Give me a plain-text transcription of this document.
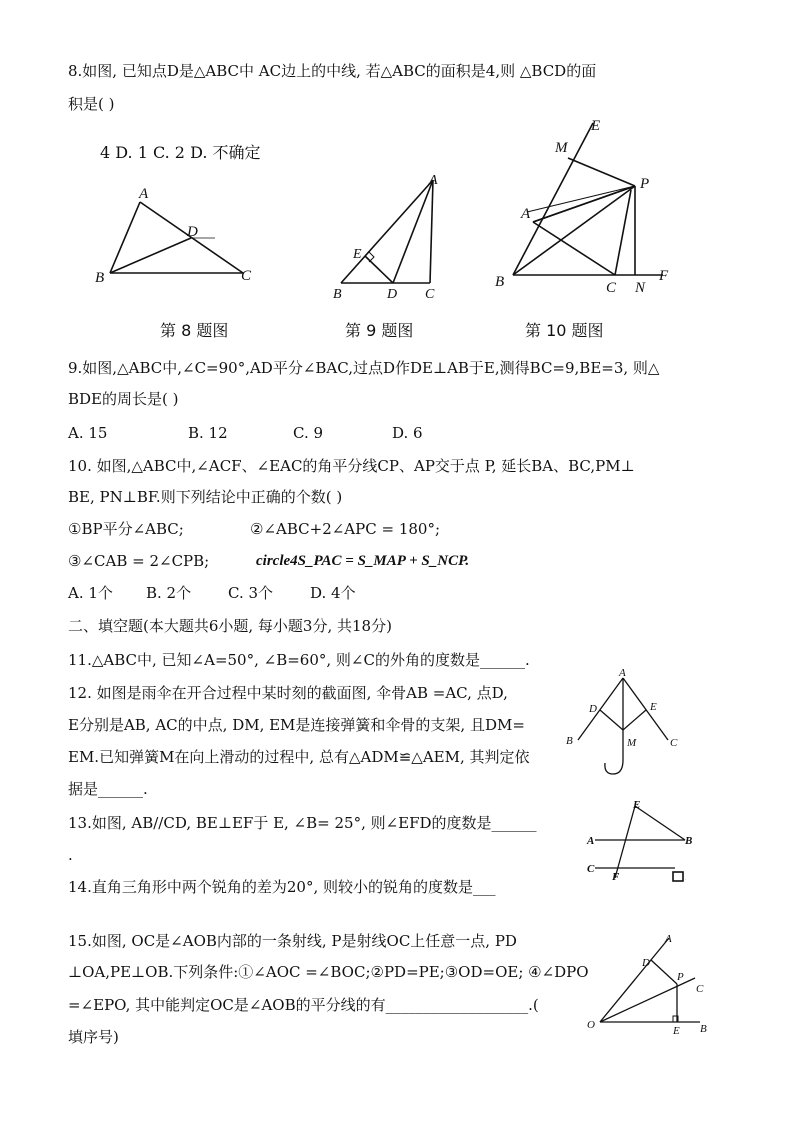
8.如图, 已知点D是△ABC中 AC边上的中线, 若△ABC的面积是4,则 △BCD的面
积是( )
4 D. 1 C. 2 D. 不确定
A
B	C
D
A
B	C
D
E
M
E
P
A
B	C N
F
第 8 题图	第 9 题图	第 10 题图
9.如图,△ABC中,∠C=90°,AD平分∠BAC,过点D作DE⊥AB于E,测得BC=9,BE=3, 则△
BDE的周长是( )
A. 15	B. 12	C. 9	D. 6
10. 如图,△ABC中,∠ACF、∠EAC的角平分线CP、AP交于点 P, 延长BA、BC,PM⊥
BE, PN⊥BF.则下列结论中正确的个数( )
①BP平分∠ABC;	②∠ABC+2∠APC = 180°;
③∠CAB = 2∠CPB;	circle4S_PAC = S_MAP + S_NCP.
A. 1个 B. 2个 C. 3个 D. 4个
二、填空题(本大题共6小题, 每小题3分, 共18分)
11.△ABC中, 已知∠A=50°, ∠B=60°, 则∠C的外角的度数是______.
12. 如图是雨伞在开合过程中某时刻的截面图, 伞骨AB =AC, 点D,
E分别是AB, AC的中点, DM, EM是连接弹簧和伞骨的支架, 且DM=
EM.已知弹簧M在向上滑动的过程中, 总有△ADM≌△AEM, 其判定依
据是______.
A
D	E
B	M	C
13.如图, AB//CD, BE⊥EF于 E, ∠B= 25°, 则∠EFD的度数是______
.
E
A	B
C
F	D
14.直角三角形中两个锐角的差为20°, 则较小的锐角的度数是___
15.如图, OC是∠AOB内部的一条射线, P是射线OC上任意一点, PD
⊥OA,PE⊥OB.下列条件:①∠AOC =∠BOC;②PD=PE;③OD=OE; ④∠DPO
=∠EPO, 其中能判定OC是∠AOB的平分线的有___________________.(
填序号)
A
D
P
C
O	E B
